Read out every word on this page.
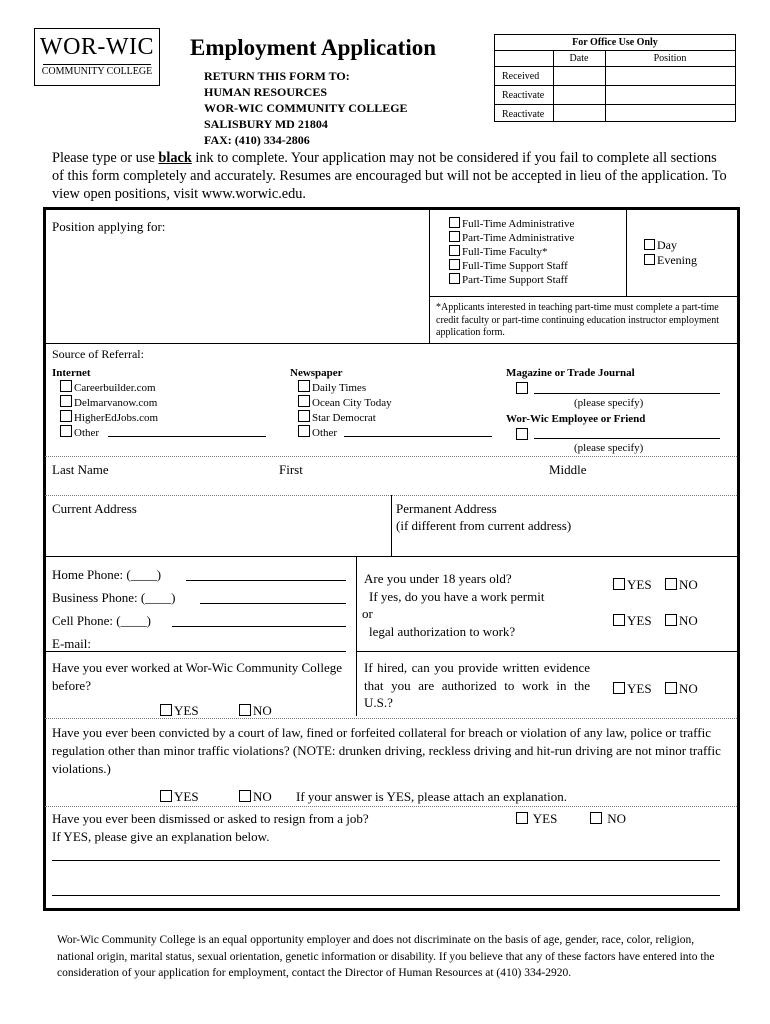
WOR-WIC
COMMUNITY COLLEGE
Employment Application
RETURN THIS FORM TO:
HUMAN RESOURCES
WOR-WIC COMMUNITY COLLEGE
SALISBURY MD 21804
FAX: (410) 334-2806
For Office Use Only
Date	Position
Received
Reactivate
Reactivate
Please type or use black ink to complete. Your application may not be considered if you fail to complete all sections of this form completely and accurately. Resumes are encouraged but will not be accepted in lieu of the application. To view open positions, visit www.worwic.edu.
Position applying for:	Full-Time Administrative
Part-Time Administrative
Full-Time Faculty*
Full-Time Support Staff
Part-Time Support Staff
Day
Evening
*Applicants interested in teaching part-time must complete a part-time credit faculty or part-time continuing education instructor employment application form.
Source of Referral:
Internet
Careerbuilder.com
Delmarvanow.com
HigherEdJobs.com
Other
Newspaper
Daily Times
Ocean City Today
Star Democrat
Other
Magazine or Trade Journal
(please specify)
Wor-Wic Employee or Friend
(please specify)
Last Name	First	Middle
Current Address	Permanent Address
(if different from current address)
Home Phone: (____)
Business Phone: (____)
Cell Phone: (____)
E-mail:
Are you under 18 years old?
If yes, do you have a work permit
or
legal authorization to work?
YES	NO
YES	NO
Have you ever worked at Wor-Wic Community College before?
YES	NO
If hired, can you provide written evidence that you are authorized to work in the U.S.?
YES	NO
Have you ever been convicted by a court of law, fined or forfeited collateral for breach or violation of any law, police or traffic regulation other than minor traffic violations? (NOTE: drunken driving, reckless driving and hit-run driving are not minor traffic violations.)
YES	NO If your answer is YES, please attach an explanation.
Have you ever been dismissed or asked to resign from a job?	YES	NO
If YES, please give an explanation below.
Wor-Wic Community College is an equal opportunity employer and does not discriminate on the basis of age, gender, race, color, religion, national origin, marital status, sexual orientation, genetic information or disability. If you believe that any of these factors have entered into the consideration of your application for employment, contact the Director of Human Resources at (410) 334-2920.
